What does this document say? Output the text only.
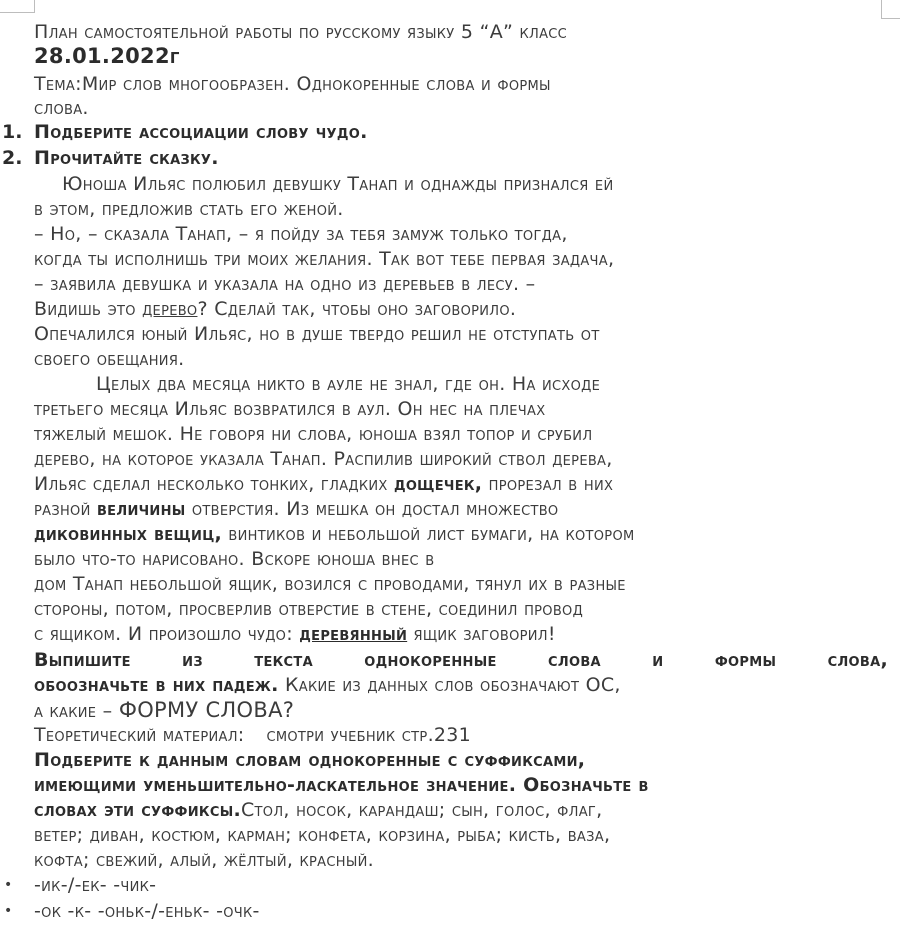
План самостоятельной работы по русскому языку 5 “А” класс
28.01.2022г
Тема:Мир слов многообразен. Однокоренные слова и формы
слова.
1. Подберите ассоциации слову чудо.
2. Прочитайте сказку.
Юноша Ильяс полюбил девушку Танап и однажды признался ей
в этом, предложив стать его женой.
– Но, – сказала Танап, – я пойду за тебя замуж только тогда,
когда ты исполнишь три моих желания. Так вот тебе первая задача,
– заявила девушка и указала на одно из деревьев в лесу. –
Видишь это дерево? Сделай так, чтобы оно заговорило.
Опечалился юный Ильяс, но в душе твердо решил не отступать от
своего обещания.
Целых два месяца никто в ауле не знал, где он. На исходе
третьего месяца Ильяс возвратился в аул. Он нес на плечах
тяжелый мешок. Не говоря ни слова, юноша взял топор и срубил
дерево, на которое указала Танап. Распилив широкий ствол дерева,
Ильяс сделал несколько тонких, гладких дощечек, прорезал в них
разной величины отверстия. Из мешка он достал множество
диковинных вещиц, винтиков и небольшой лист бумаги, на котором
было что-то нарисовано. Вскоре юноша внес в
дом Танап небольшой ящик, возился с проводами, тянул их в разные
стороны, потом, просверлив отверстие в стене, соединил провод
с ящиком. И произошло чудо: деревянный ящик заговорил!
Выпишите из текста однокоренные слова и формы слова,
обоозначьте в них падеж. Какие из данных слов обозначают ОС,
а какие – ФОРМУ СЛОВА?
Теоретический материал: смотри учебник стр.231
Подберите к данным словам однокоренные с суффиксами,
имеющими уменьшительно-ласкательное значение. Обозначьте в
словах эти суффиксы.Стол, носок, карандаш; сын, голос, флаг,
ветер; диван, костюм, карман; конфета, корзина, рыба; кисть, ваза,
кофта; свежий, алый, жёлтый, красный.
• -ик-/-ек- -чик-
• -ок -к- -оньк-/-еньк- -очк-
